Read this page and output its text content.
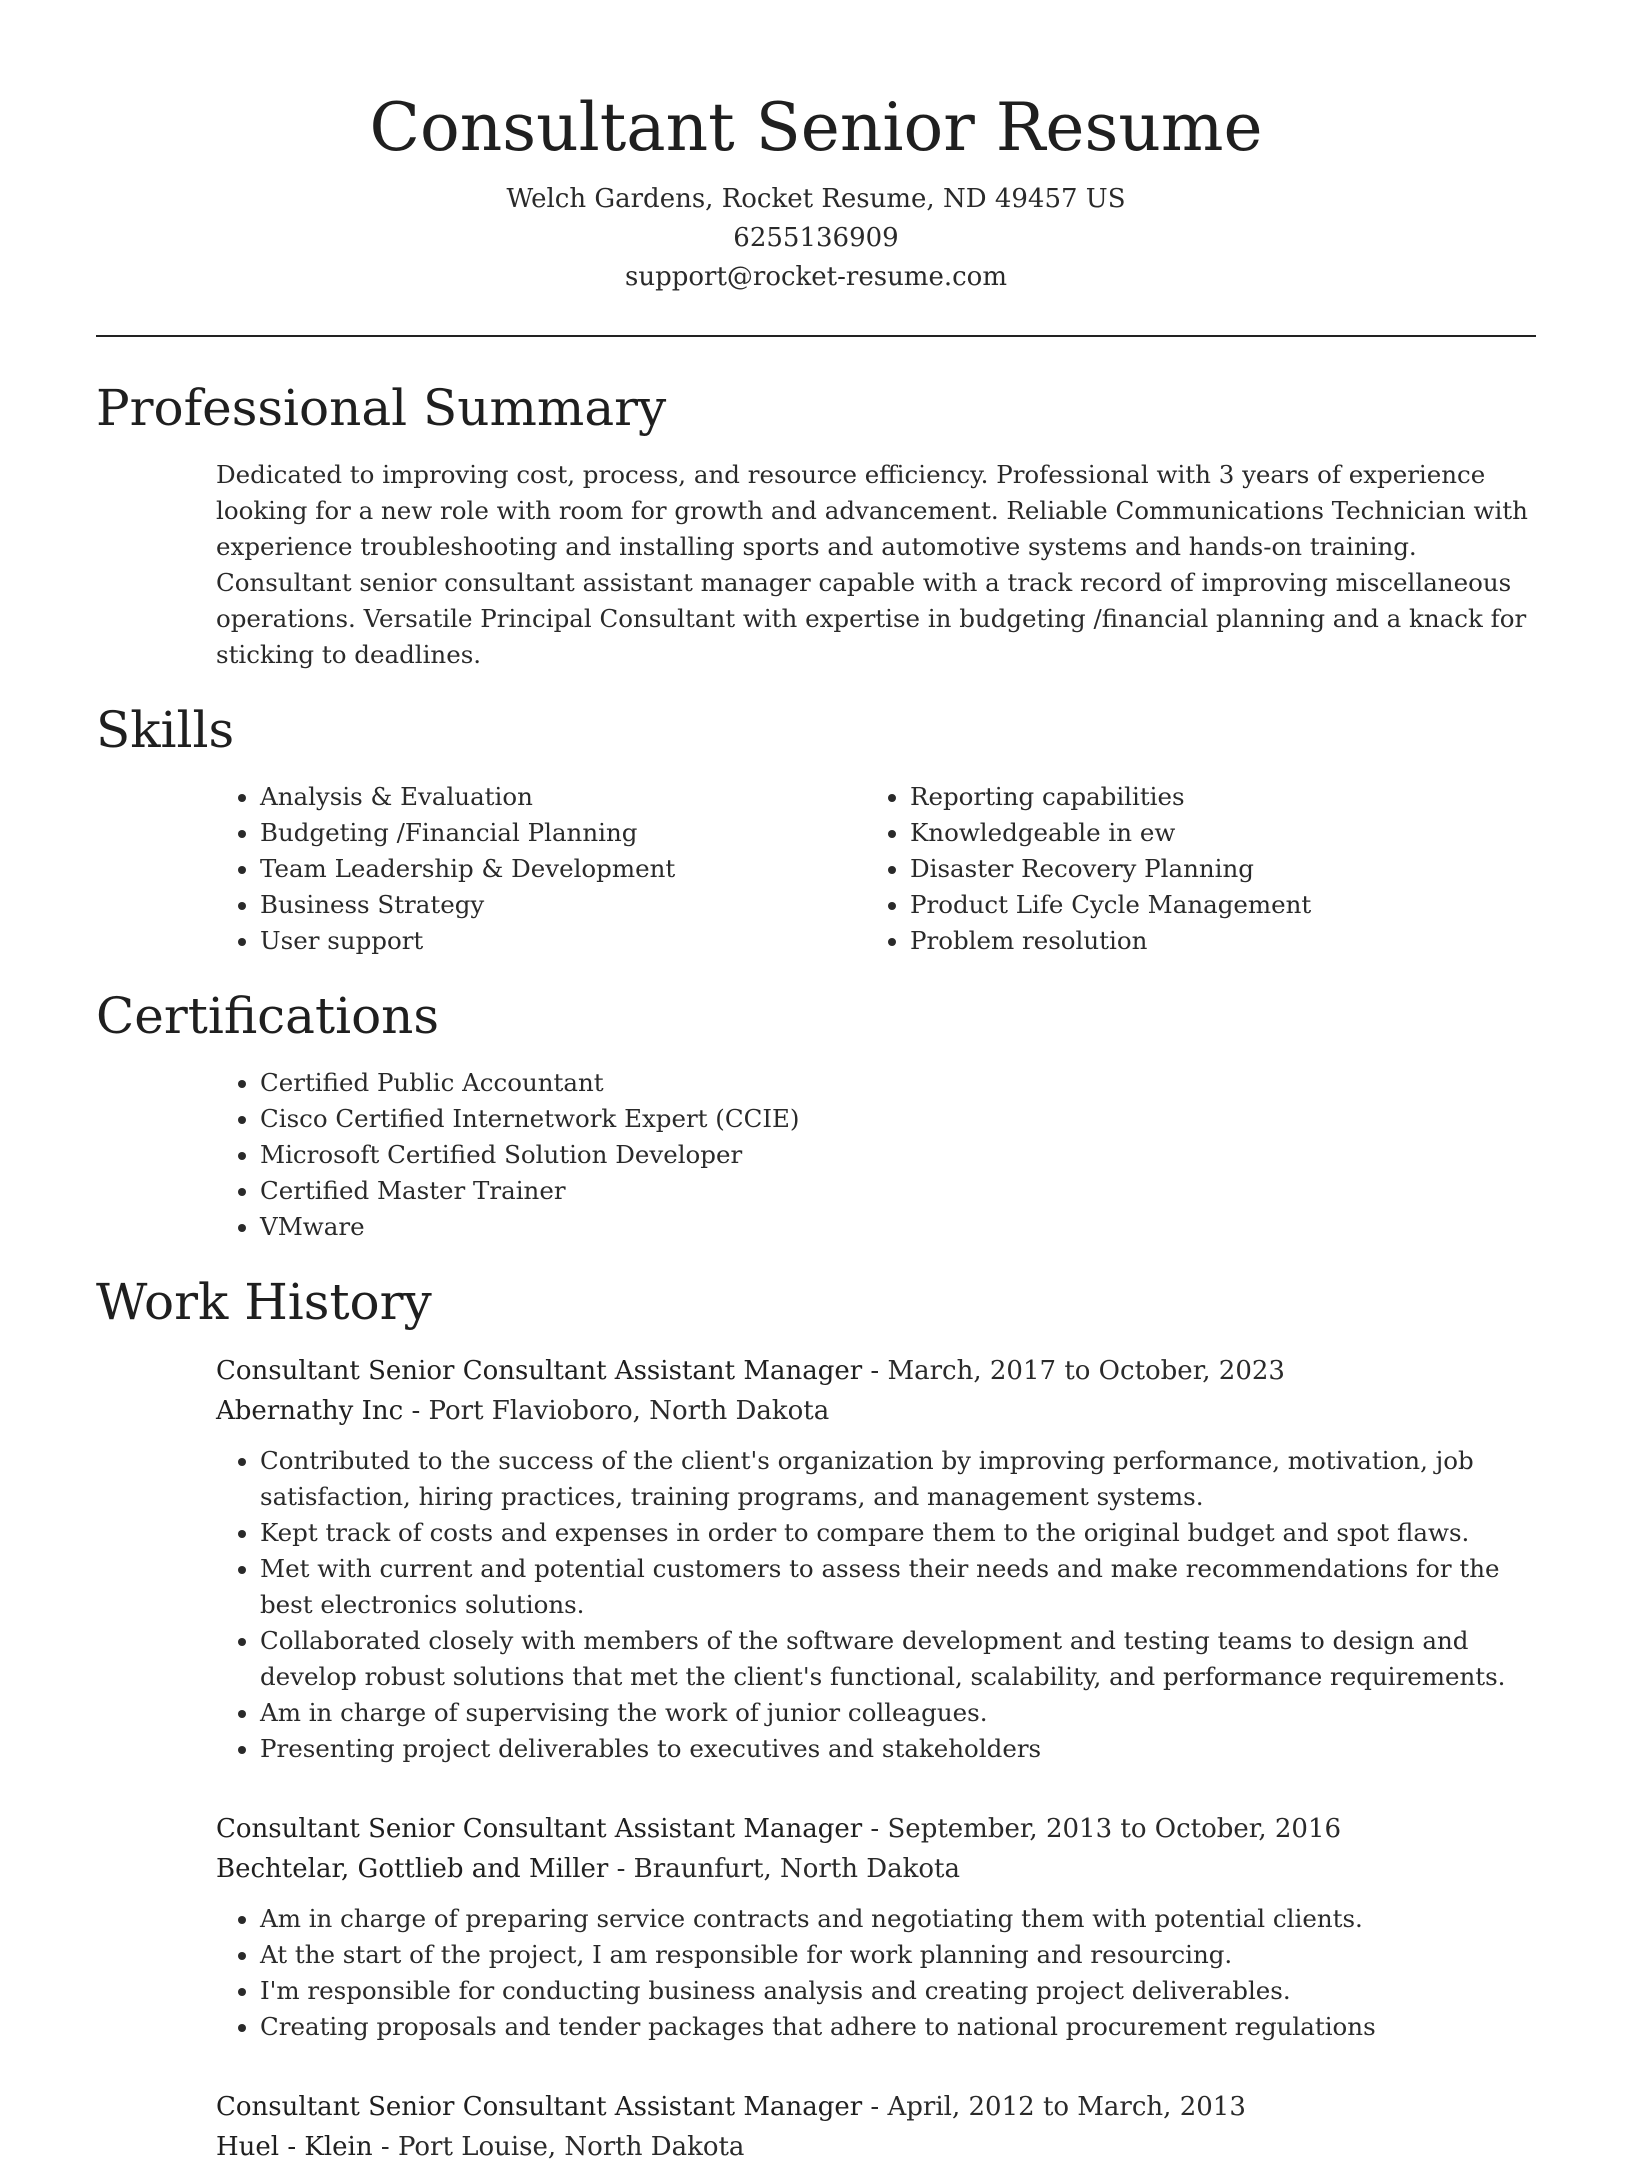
Consultant Senior Resume
Welch Gardens, Rocket Resume, ND 49457 US
6255136909
support@rocket-resume.com
Professional Summary

Dedicated to improving cost, process, and resource efficiency. Professional with 3 years of experience looking for a new role with room for growth and advancement. Reliable Communications Technician with experience troubleshooting and installing sports and automotive systems and hands-on training. Consultant senior consultant assistant manager capable with a track record of improving miscellaneous operations. Versatile Principal Consultant with expertise in budgeting /financial planning and a knack for sticking to deadlines.

Skills
• Analysis & Evaluation
• Budgeting /Financial Planning
• Team Leadership & Development
• Business Strategy
• User support
• Reporting capabilities
• Knowledgeable in ew
• Disaster Recovery Planning
• Product Life Cycle Management
• Problem resolution
Certifications
• Certified Public Accountant
• Cisco Certified Internetwork Expert (CCIE)
• Microsoft Certified Solution Developer
• Certified Master Trainer
• VMware
Work History
Consultant Senior Consultant Assistant Manager - March, 2017 to October, 2023
Abernathy Inc - Port Flavioboro, North Dakota
• Contributed to the success of the client's organization by improving performance, motivation, job satisfaction, hiring practices, training programs, and management systems.
• Kept track of costs and expenses in order to compare them to the original budget and spot flaws.
• Met with current and potential customers to assess their needs and make recommendations for the best electronics solutions.
• Collaborated closely with members of the software development and testing teams to design and develop robust solutions that met the client's functional, scalability, and performance requirements.
• Am in charge of supervising the work of junior colleagues.
• Presenting project deliverables to executives and stakeholders
Consultant Senior Consultant Assistant Manager - September, 2013 to October, 2016
Bechtelar, Gottlieb and Miller - Braunfurt, North Dakota
• Am in charge of preparing service contracts and negotiating them with potential clients.
• At the start of the project, I am responsible for work planning and resourcing.
• I'm responsible for conducting business analysis and creating project deliverables.
• Creating proposals and tender packages that adhere to national procurement regulations
Consultant Senior Consultant Assistant Manager - April, 2012 to March, 2013
Huel - Klein - Port Louise, North Dakota
